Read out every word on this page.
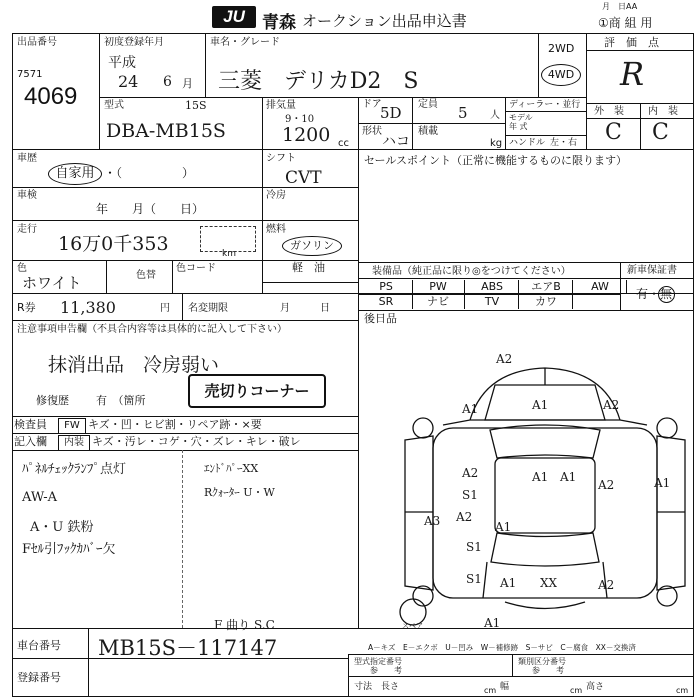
JU	青森 オークション出品申込書
月　日AA
①商 組 用
出品番号
7571
4069
初度登録年月
平成
24 6 月
車名・グレード
三菱　デリカD2　S
2WD
4WD
評　価　点
R
外　装 内　装
C C
型式	15S
DBA-MB15S
排気量
9・10
1200 cc
ドア
5D
形状
ハコ
定員 5 人
積載
kg
ディーラー・並行
モデル
年 式
ハンドル 左・右
車歴
自家用 ・（　　　　　）
シフト
CVT
車検
年　　月（　　日）
冷房
走行
16万0千353	km
燃料
ガソリン
軽　油
色
ホワイト	色替
色コード
セールスポイント（正常に機能するものに限ります）
装備品（純正品に限り◎をつけてください）	新車保証書
有・無
PS	PW	ABS	エアB	AW
SR	ナビ	TV	カワ
R券 11,380	円 名変期限	月　　　日
後日品
注意事項申告欄（不具合内容等は具体的に記入して下さい）
抹消出品　冷房弱い
売切りコーナー
修復歴 有　（箇所
検査員	FW キズ・凹・ヒビ割・リペア跡・×要
記入欄	内装 キズ・汚レ・コゲ・穴・ズレ・キレ・破レ
ﾊﾟﾈﾙﾁｪｯｸﾗﾝﾌﾟ点灯
AW-A
A・U 鉄粉
Fｾﾙ引ﾌｯｸｶﾊﾞｰ欠
ｴﾝﾄﾞﾊﾟｰXX
Rｸｫｰﾀｰ U・W
F 曲り S.C
A2
A1
A1	A2
A1
A2
A2	A1
A3 A2
S1
S1	XX
A1
A1
A1
A2
S1
A1
スペア
A－キズ　E－エクボ　U－凹み　W－補修跡　S－サビ　C－腐食　XX－交換済
車台番号 MB15S－117147
登録番号
型式指定番号
参　　考
類別区分番号
参　　考
寸法　長さ	cm 幅	cm 高さ	cm
